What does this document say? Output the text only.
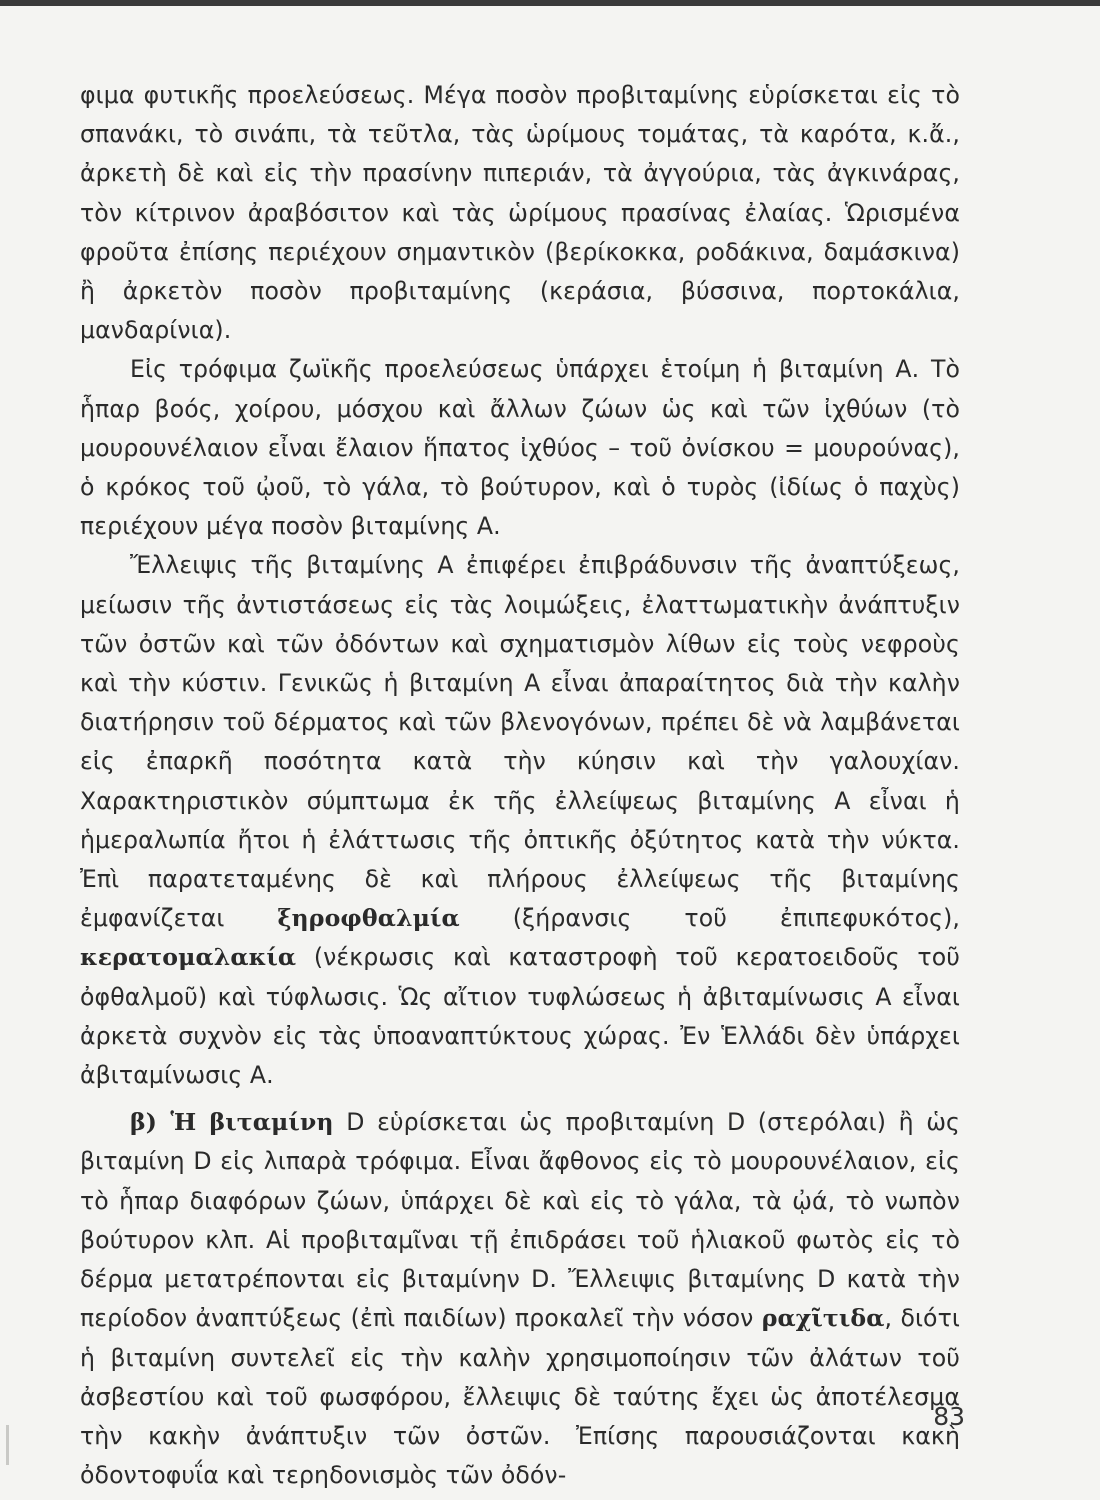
φιμα φυτικῆς προελεύσεως. Μέγα ποσὸν προβιταμίνης εὑρίσκεται εἰς τὸ σπανάκι, τὸ σινάπι, τὰ τεῦτλα, τὰς ὡρίμους τομάτας, τὰ καρότα, κ.ἄ., ἀρκετὴ δὲ καὶ εἰς τὴν πρασίνην πιπεριάν, τὰ ἀγγούρια, τὰς ἀγκινάρας, τὸν κίτρινον ἀραβόσιτον καὶ τὰς ὡρίμους πρασίνας ἐλαίας. Ὡρισμένα φροῦτα ἐπίσης περιέχουν σημαντικὸν (βερίκοκκα, ροδάκινα, δαμάσκινα) ἢ ἀρκετὸν ποσὸν προβιταμίνης (κεράσια, βύσσινα, πορτοκάλια, μανδαρίνια).

Εἰς τρόφιμα ζωϊκῆς προελεύσεως ὑπάρχει ἑτοίμη ἡ βιταμίνη Α. Τὸ ἧπαρ βοός, χοίρου, μόσχου καὶ ἄλλων ζώων ὡς καὶ τῶν ἰχθύων (τὸ μουρουνέλαιον εἶναι ἔλαιον ἥπατος ἰχθύος – τοῦ ὀνίσκου = μουρούνας), ὁ κρόκος τοῦ ᾠοῦ, τὸ γάλα, τὸ βούτυρον, καὶ ὁ τυρὸς (ἰδίως ὁ παχὺς) περιέχουν μέγα ποσὸν βιταμίνης Α.

Ἔλλειψις τῆς βιταμίνης Α ἐπιφέρει ἐπιβράδυνσιν τῆς ἀναπτύξεως, μείωσιν τῆς ἀντιστάσεως εἰς τὰς λοιμώξεις, ἐλαττωματικὴν ἀνάπτυξιν τῶν ὀστῶν καὶ τῶν ὀδόντων καὶ σχηματισμὸν λίθων εἰς τοὺς νεφροὺς καὶ τὴν κύστιν. Γενικῶς ἡ βιταμίνη Α εἶναι ἀπαραίτητος διὰ τὴν καλὴν διατήρησιν τοῦ δέρματος καὶ τῶν βλενογόνων, πρέπει δὲ νὰ λαμβάνεται εἰς ἐπαρκῆ ποσότητα κατὰ τὴν κύησιν καὶ τὴν γαλουχίαν. Χαρακτηριστικὸν σύμπτωμα ἐκ τῆς ἐλλείψεως βιταμίνης Α εἶναι ἡ ἡμεραλωπία ἤτοι ἡ ἐλάττωσις τῆς ὀπτικῆς ὀξύτητος κατὰ τὴν νύκτα. Ἐπὶ παρατεταμένης δὲ καὶ πλήρους ἐλλείψεως τῆς βιταμίνης ἐμφανίζεται ξηροφθαλμία (ξήρανσις τοῦ ἐπιπεφυκότος), κερατομαλακία (νέκρωσις καὶ καταστροφὴ τοῦ κερατοειδοῦς τοῦ ὀφθαλμοῦ) καὶ τύφλωσις. Ὡς αἴτιον τυφλώσεως ἡ ἀβιταμίνωσις Α εἶναι ἀρκετὰ συχνὸν εἰς τὰς ὑποαναπτύκτους χώρας. Ἐν Ἑλλάδι δὲν ὑπάρχει ἀβιταμίνωσις Α.

β) Ἡ βιταμίνη D εὑρίσκεται ὡς προβιταμίνη D (στερόλαι) ἢ ὡς βιταμίνη D εἰς λιπαρὰ τρόφιμα. Εἶναι ἄφθονος εἰς τὸ μουρουνέλαιον, εἰς τὸ ἧπαρ διαφόρων ζώων, ὑπάρχει δὲ καὶ εἰς τὸ γάλα, τὰ ᾠά, τὸ νωπὸν βούτυρον κλπ. Αἱ προβιταμῖναι τῇ ἐπιδράσει τοῦ ἡλιακοῦ φωτὸς εἰς τὸ δέρμα μετατρέπονται εἰς βιταμίνην D. Ἔλλειψις βιταμίνης D κατὰ τὴν περίοδον ἀναπτύξεως (ἐπὶ παιδίων) προκαλεῖ τὴν νόσον ραχῖτιδα, διότι ἡ βιταμίνη συντελεῖ εἰς τὴν καλὴν χρησιμοποίησιν τῶν ἀλάτων τοῦ ἀσβεστίου καὶ τοῦ φωσφόρου, ἔλλειψις δὲ ταύτης ἔχει ὡς ἀποτέλεσμα τὴν κακὴν ἀνάπτυξιν τῶν ὀστῶν. Ἐπίσης παρουσιάζονται κακὴ ὀδοντοφυΐα καὶ τερηδονισμὸς τῶν ὀδόν-

83
